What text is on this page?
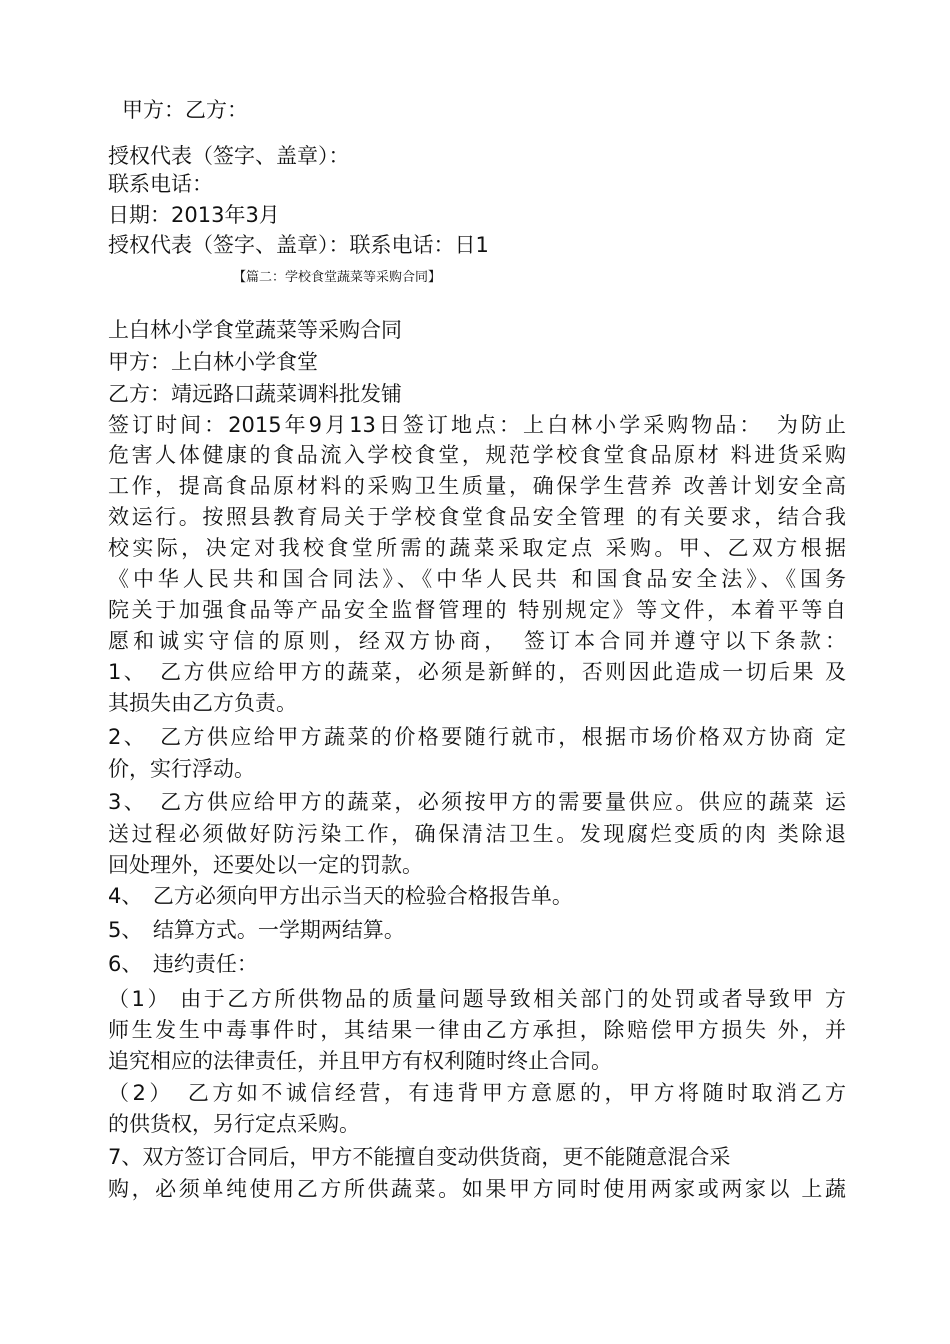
甲方：乙方：
授权代表（签字、盖章）：
联系电话：
日期：2013年3月
授权代表（签字、盖章）：联系电话：日1
【篇二：学校食堂蔬菜等采购合同】
上白林小学食堂蔬菜等采购合同
甲方：上白林小学食堂
乙方：靖远路口蔬菜调料批发铺
签订时间：2015年9月13日签订地点：上白林小学采购物品：　为防止
危害人体健康的食品流入学校食堂，规范学校食堂食品原材 料进货采购
工作，提高食品原材料的采购卫生质量，确保学生营养 改善计划安全高
效运行。按照县教育局关于学校食堂食品安全管理 的有关要求，结合我
校实际，决定对我校食堂所需的蔬菜采取定点 采购。甲、乙双方根据
《中华人民共和国合同法》、《中华人民共 和国食品安全法》、《国务
院关于加强食品等产品安全监督管理的 特别规定》等文件，本着平等自
愿和诚实守信的原则，经双方协商，　签订本合同并遵守以下条款：
1、　乙方供应给甲方的蔬菜，必须是新鲜的，否则因此造成一切后果 及
其损失由乙方负责。
2、　乙方供应给甲方蔬菜的价格要随行就市，根据市场价格双方协商 定
价，实行浮动。
3、　乙方供应给甲方的蔬菜，必须按甲方的需要量供应。供应的蔬菜 运
送过程必须做好防污染工作，确保清洁卫生。发现腐烂变质的肉 类除退
回处理外，还要处以一定的罚款。
4、　乙方必须向甲方出示当天的检验合格报告单。
5、　结算方式。一学期两结算。
6、　违约责任：
（1） 由于乙方所供物品的质量问题导致相关部门的处罚或者导致甲 方
师生发生中毒事件时，其结果一律由乙方承担，除赔偿甲方损失 外，并
追究相应的法律责任，并且甲方有权利随时终止合同。
（2）　乙方如不诚信经营，有违背甲方意愿的，甲方将随时取消乙方
的供货权，另行定点采购。
7、双方签订合同后，甲方不能擅自变动供货商，更不能随意混合采
购，必须单纯使用乙方所供蔬菜。如果甲方同时使用两家或两家以 上蔬
